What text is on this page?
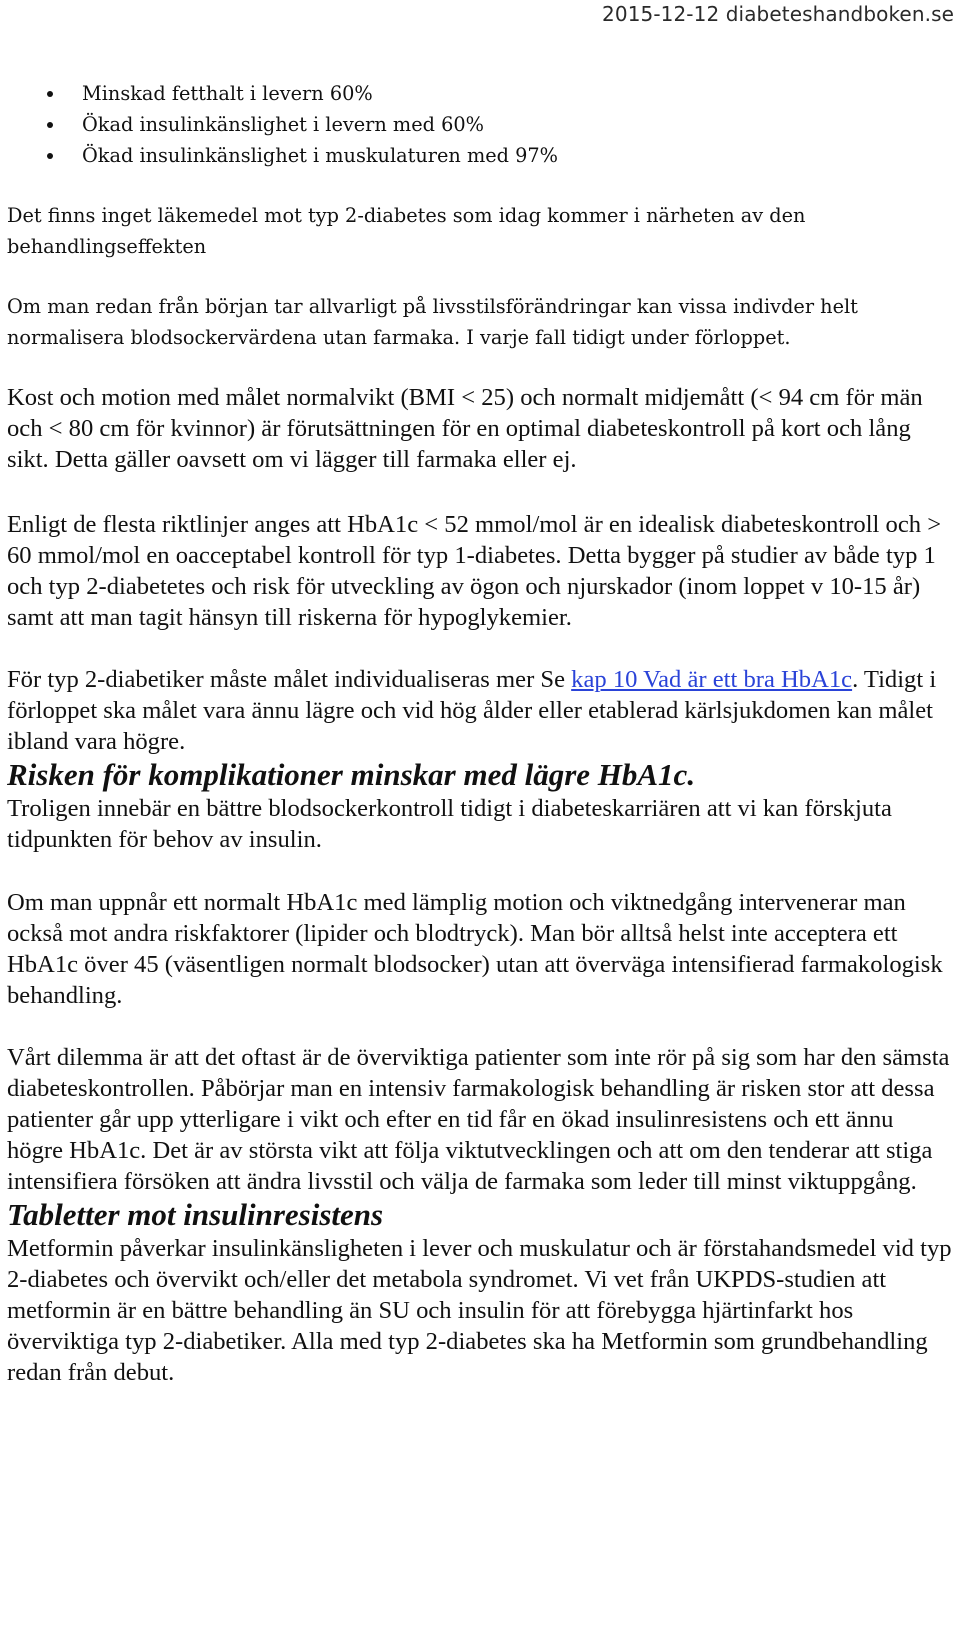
2015-12-12 diabeteshandboken.se
Minskad fetthalt i levern 60%
Ökad insulinkänslighet i levern med 60%
Ökad insulinkänslighet i muskulaturen med 97%

Det finns inget läkemedel mot typ 2-diabetes som idag kommer i närheten av den behandlingseffekten

Om man redan från början tar allvarligt på livsstilsförändringar kan vissa indivder helt normalisera blodsockervärdena utan farmaka. I varje fall tidigt under förloppet.

Kost och motion med målet normalvikt (BMI < 25) och normalt midjemått (< 94 cm för män och < 80 cm för kvinnor) är förutsättningen för en optimal diabeteskontroll på kort och lång sikt. Detta gäller oavsett om vi lägger till farmaka eller ej.

Enligt de flesta riktlinjer anges att HbA1c < 52 mmol/mol är en idealisk diabeteskontroll och > 60 mmol/mol en oacceptabel kontroll för typ 1-diabetes. Detta bygger på studier av både typ 1 och typ 2-diabetetes och risk för utveckling av ögon och njurskador (inom loppet v 10-15 år) samt att man tagit hänsyn till riskerna för hypoglykemier.

För typ 2-diabetiker måste målet individualiseras mer Se kap 10 Vad är ett bra HbA1c. Tidigt i förloppet ska målet vara ännu lägre och vid hög ålder eller etablerad kärlsjukdomen kan målet ibland vara högre.

Risken för komplikationer minskar med lägre HbA1c.

Troligen innebär en bättre blodsockerkontroll tidigt i diabeteskarriären att vi kan förskjuta tidpunkten för behov av insulin.

Om man uppnår ett normalt HbA1c med lämplig motion och viktnedgång intervenerar man också mot andra riskfaktorer (lipider och blodtryck). Man bör alltså helst inte acceptera ett HbA1c över 45 (väsentligen normalt blodsocker) utan att överväga intensifierad farmakologisk behandling.

Vårt dilemma är att det oftast är de överviktiga patienter som inte rör på sig som har den sämsta diabeteskontrollen. Påbörjar man en intensiv farmakologisk behandling är risken stor att dessa patienter går upp ytterligare i vikt och efter en tid får en ökad insulinresistens och ett ännu högre HbA1c. Det är av största vikt att följa viktutvecklingen och att om den tenderar att stiga intensifiera försöken att ändra livsstil och välja de farmaka som leder till minst viktuppgång.

Tabletter mot insulinresistens

Metformin påverkar insulinkänsligheten i lever och muskulatur och är förstahandsmedel vid typ 2-diabetes och övervikt och/eller det metabola syndromet. Vi vet från UKPDS-studien att metformin är en bättre behandling än SU och insulin för att förebygga hjärtinfarkt hos överviktiga typ 2-diabetiker. Alla med typ 2-diabetes ska ha Metformin som grundbehandling redan från debut.
